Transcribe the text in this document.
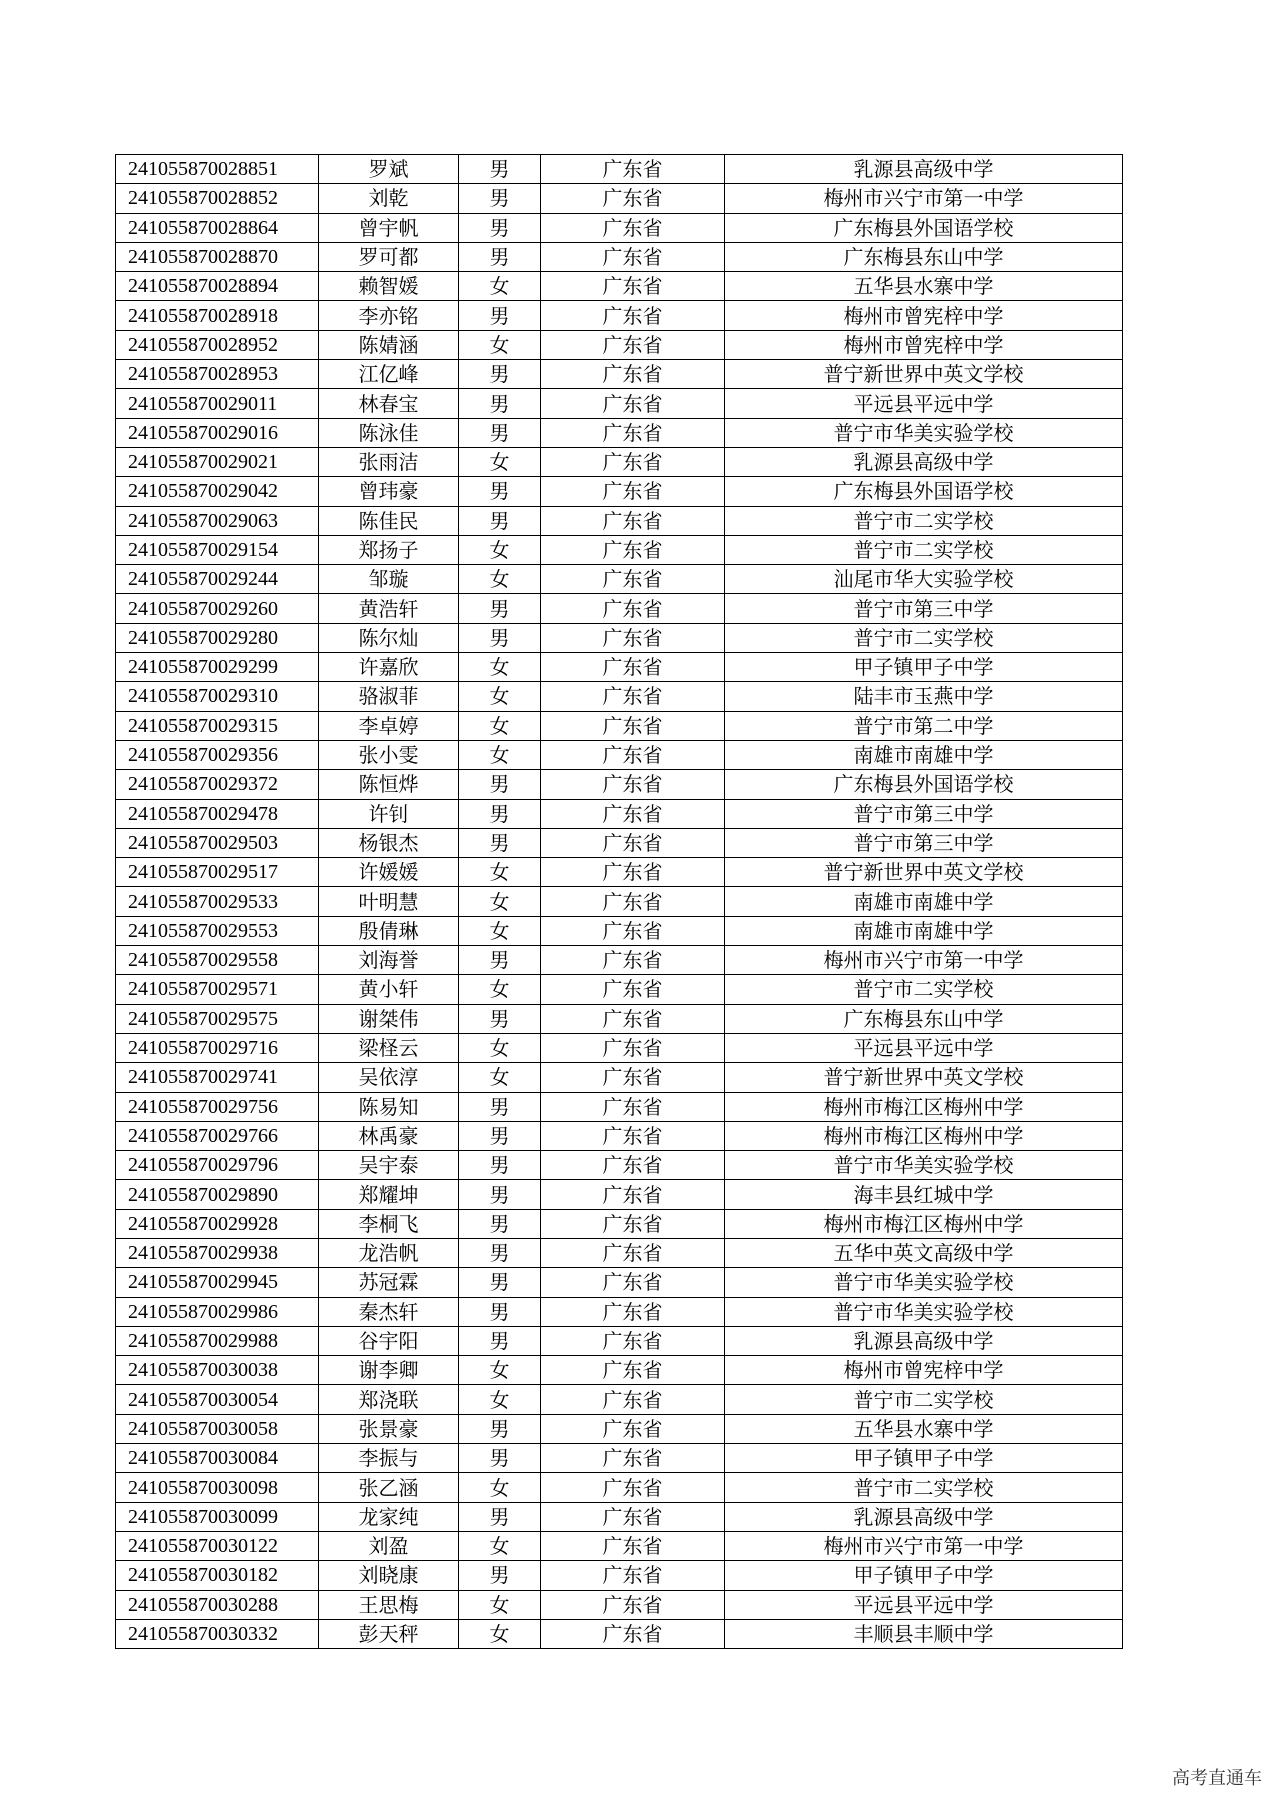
241055870028851	罗斌	男	广东省	乳源县高级中学
241055870028852	刘乾	男	广东省	梅州市兴宁市第一中学
241055870028864	曾宇帆	男	广东省	广东梅县外国语学校
241055870028870	罗可都	男	广东省	广东梅县东山中学
241055870028894	赖智媛	女	广东省	五华县水寨中学
241055870028918	李亦铭	男	广东省	梅州市曾宪梓中学
241055870028952	陈婧涵	女	广东省	梅州市曾宪梓中学
241055870028953	江亿峰	男	广东省	普宁新世界中英文学校
241055870029011	林春宝	男	广东省	平远县平远中学
241055870029016	陈泳佳	男	广东省	普宁市华美实验学校
241055870029021	张雨洁	女	广东省	乳源县高级中学
241055870029042	曾玮豪	男	广东省	广东梅县外国语学校
241055870029063	陈佳民	男	广东省	普宁市二实学校
241055870029154	郑扬子	女	广东省	普宁市二实学校
241055870029244	邹璇	女	广东省	汕尾市华大实验学校
241055870029260	黄浩轩	男	广东省	普宁市第三中学
241055870029280	陈尔灿	男	广东省	普宁市二实学校
241055870029299	许嘉欣	女	广东省	甲子镇甲子中学
241055870029310	骆淑菲	女	广东省	陆丰市玉燕中学
241055870029315	李卓婷	女	广东省	普宁市第二中学
241055870029356	张小雯	女	广东省	南雄市南雄中学
241055870029372	陈恒烨	男	广东省	广东梅县外国语学校
241055870029478	许钊	男	广东省	普宁市第三中学
241055870029503	杨银杰	男	广东省	普宁市第三中学
241055870029517	许媛媛	女	广东省	普宁新世界中英文学校
241055870029533	叶明慧	女	广东省	南雄市南雄中学
241055870029553	殷倩琳	女	广东省	南雄市南雄中学
241055870029558	刘海誉	男	广东省	梅州市兴宁市第一中学
241055870029571	黄小轩	女	广东省	普宁市二实学校
241055870029575	谢桀伟	男	广东省	广东梅县东山中学
241055870029716	梁柽云	女	广东省	平远县平远中学
241055870029741	吴依淳	女	广东省	普宁新世界中英文学校
241055870029756	陈易知	男	广东省	梅州市梅江区梅州中学
241055870029766	林禹豪	男	广东省	梅州市梅江区梅州中学
241055870029796	吴宇泰	男	广东省	普宁市华美实验学校
241055870029890	郑耀坤	男	广东省	海丰县红城中学
241055870029928	李桐飞	男	广东省	梅州市梅江区梅州中学
241055870029938	龙浩帆	男	广东省	五华中英文高级中学
241055870029945	苏冠霖	男	广东省	普宁市华美实验学校
241055870029986	秦杰轩	男	广东省	普宁市华美实验学校
241055870029988	谷宇阳	男	广东省	乳源县高级中学
241055870030038	谢李卿	女	广东省	梅州市曾宪梓中学
241055870030054	郑浇联	女	广东省	普宁市二实学校
241055870030058	张景豪	男	广东省	五华县水寨中学
241055870030084	李振与	男	广东省	甲子镇甲子中学
241055870030098	张乙涵	女	广东省	普宁市二实学校
241055870030099	龙家纯	男	广东省	乳源县高级中学
241055870030122	刘盈	女	广东省	梅州市兴宁市第一中学
241055870030182	刘晓康	男	广东省	甲子镇甲子中学
241055870030288	王思梅	女	广东省	平远县平远中学
241055870030332	彭天秤	女	广东省	丰顺县丰顺中学
高考直通车
